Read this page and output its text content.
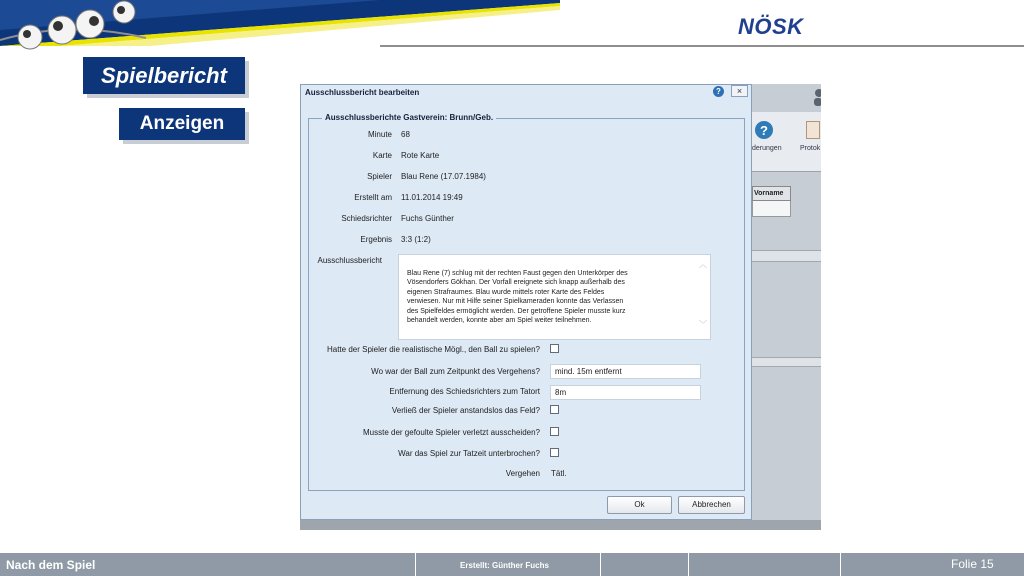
NÖSK
Spielbericht
Anzeigen	?
derungen	Protok
Vorname
Ausschlussbericht bearbeiten	?	×
Ausschlussberichte Gastverein: Brunn/Geb.
Minute 68
Karte Rote Karte
Spieler Blau Rene (17.07.1984)
Erstellt am 11.01.2014 19:49
Schiedsrichter Fuchs Günther
Ergebnis 3:3 (1:2)
Ausschlussbericht

Blau Rene (7) schlug mit der rechten Faust gegen den Unterkörper des
Vösendorfers Gökhan. Der Vorfall ereignete sich knapp außerhalb des
eigenen Strafraumes. Blau wurde mittels roter Karte des Feldes
verwiesen. Nur mit Hilfe seiner Spielkameraden konnte das Verlassen
des Spielfeldes ermöglicht werden. Der getroffene Spieler musste kurz
behandelt werden, konnte aber am Spiel weiter teilnehmen.

︿

﹀

Hatte der Spieler die realistische Mögl., den Ball zu spielen?
Wo war der Ball zum Zeitpunkt des Vergehens?	mind. 15m entfernt
Entfernung des Schiedsrichters zum Tatort	8m
Verließ der Spieler anstandslos das Feld?
Musste der gefoulte Spieler verletzt ausscheiden?
War das Spiel zur Tatzeit unterbrochen?
Vergehen Tätl.
Ok	Abbrechen
Nach dem Spiel	Erstellt: Günther Fuchs	Folie 15
